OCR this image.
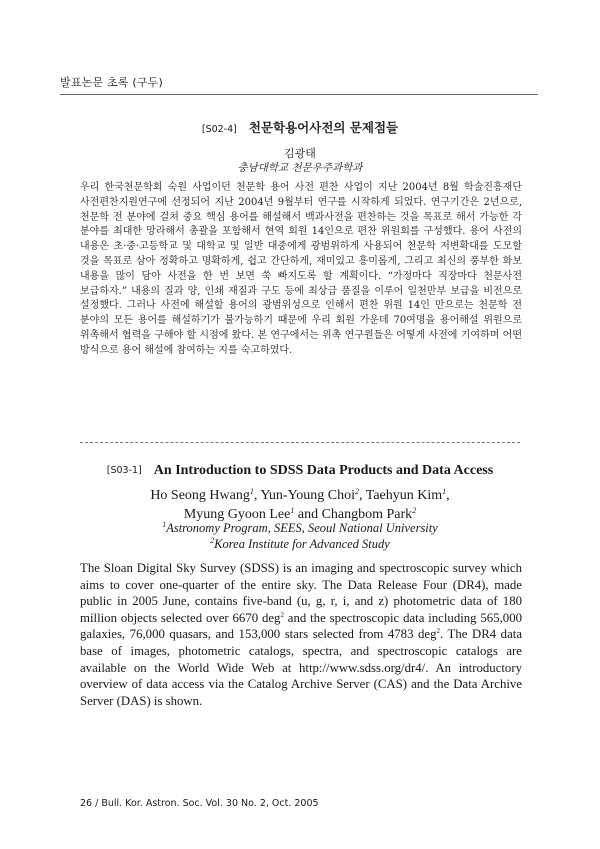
발표논문 초록 (구두)
[S02-4] 천문학용어사전의 문제점들
김광태
충남대학교 천문우주과학과
우리 한국천문학회 숙원 사업이던 천문학 용어 사전 편찬 사업이 지난 2004년 8월 학술진흥재단 사전편찬지원연구에 선정되어 지난 2004년 9월부터 연구를 시작하게 되었다. 연구기간은 2년으로, 천문학 전 분야에 걸쳐 중요 핵심 용어를 해설해서 백과사전을 편찬하는 것을 목표로 해서 가능한 각 분야를 최대한 망라해서 총괄을 포함해서 현역 회원 14인으로 편찬 위원회를 구성했다. 용어 사전의 내용은 초·중·고등학교 및 대학교 및 일반 대중에게 광범위하게 사용되어 천문학 저변확대를 도모할 것을 목표로 삼아 정확하고 명확하게, 쉽고 간단하게, 재미있고 흥미롭게, 그리고 최신의 풍부한 화보 내용을 많이 담아 사전을 한 번 보면 쑥 빠지도록 할 계획이다. “가정마다 직장마다 천문사전 보급하자.” 내용의 질과 양, 인쇄 재질과 구도 등에 최상급 품질을 이루어 일천만부 보급을 비전으로 설정했다. 그러나 사전에 해설할 용어의 광범위성으로 인해서 편찬 위원 14인 만으로는 천문학 전 분야의 모든 용어를 해설하기가 불가능하기 때문에 우리 회원 가운데 70여명을 용어해설 위원으로 위촉해서 협력을 구해야 할 시점에 왔다. 본 연구에서는 위촉 연구원들은 어떻게 사전에 기여하며 어떤 방식으로 용어 해설에 참여하는 지를 숙고하였다.
[S03-1] An Introduction to SDSS Data Products and Data Access
Ho Seong Hwang$^1$, Yun-Young Choi$^2$, Taehyun Kim$^1$,
Myung Gyoon Lee$^1$ and Changbom Park$^2$
$^1$Astronomy Program, SEES, Seoul National University
$^2$Korea Institute for Advanced Study
The Sloan Digital Sky Survey (SDSS) is an imaging and spectroscopic survey which aims to cover one-quarter of the entire sky. The Data Release Four (DR4), made public in 2005 June, contains five-band (u, g, r, i, and z) photometric data of 180 million objects selected over 6670 deg$^2$ and the spectroscopic data including 565,000 galaxies, 76,000 quasars, and 153,000 stars selected from 4783 deg$^2$. The DR4 data base of images, photometric catalogs, spectra, and spectroscopic catalogs are available on the World Wide Web at http://www.sdss.org/dr4/. An introductory overview of data access via the Catalog Archive Server (CAS) and the Data Archive Server (DAS) is shown.
26 / Bull. Kor. Astron. Soc. Vol. 30 No. 2, Oct. 2005
